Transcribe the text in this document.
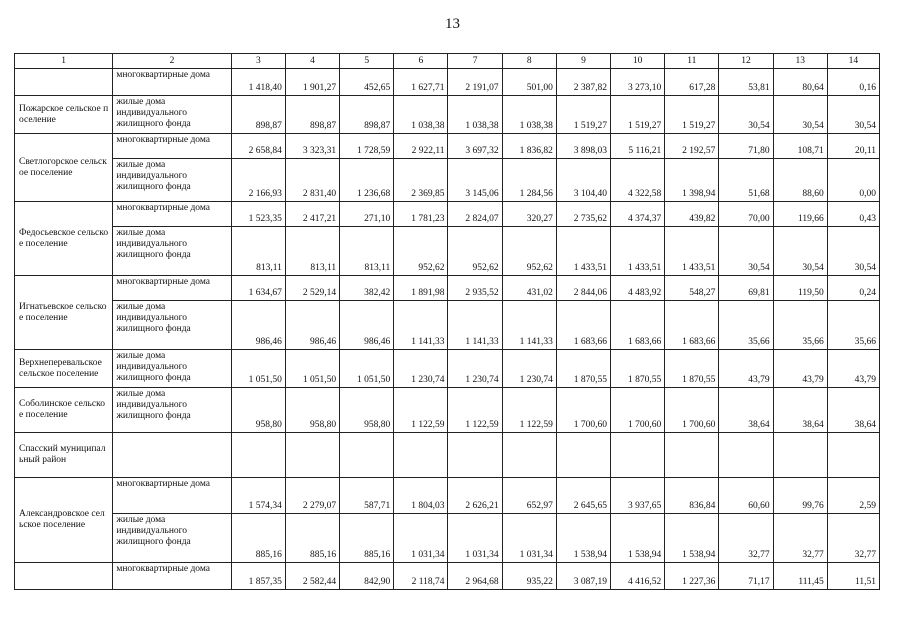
13
1	2	3	4	5	6	7	8	9	10	11	12	13	14
	многоквартирные дома	1 418,40	1 901,27	452,65	1 627,71	2 191,07	501,00	2 387,82	3 273,10	617,28	53,81	80,64	0,16
Пожарское сельское поселение	жилые дома индивидуального жилищного фонда	898,87	898,87	898,87	1 038,38	1 038,38	1 038,38	1 519,27	1 519,27	1 519,27	30,54	30,54	30,54
Светлогорское сельское поселение	многоквартирные дома	2 658,84	3 323,31	1 728,59	2 922,11	3 697,32	1 836,82	3 898,03	5 116,21	2 192,57	71,80	108,71	20,11
	жилые дома индивидуального жилищного фонда	2 166,93	2 831,40	1 236,68	2 369,85	3 145,06	1 284,56	3 104,40	4 322,58	1 398,94	51,68	88,60	0,00
Федосьевское сельское поселение	многоквартирные дома	1 523,35	2 417,21	271,10	1 781,23	2 824,07	320,27	2 735,62	4 374,37	439,82	70,00	119,66	0,43
	жилые дома индивидуального жилищного фонда	813,11	813,11	813,11	952,62	952,62	952,62	1 433,51	1 433,51	1 433,51	30,54	30,54	30,54
Игнатьевское сельское поселение	многоквартирные дома	1 634,67	2 529,14	382,42	1 891,98	2 935,52	431,02	2 844,06	4 483,92	548,27	69,81	119,50	0,24
	жилые дома индивидуального жилищного фонда	986,46	986,46	986,46	1 141,33	1 141,33	1 141,33	1 683,66	1 683,66	1 683,66	35,66	35,66	35,66
Верхнеперевальское сельское поселение	жилые дома индивидуального жилищного фонда	1 051,50	1 051,50	1 051,50	1 230,74	1 230,74	1 230,74	1 870,55	1 870,55	1 870,55	43,79	43,79	43,79
Соболинское сельское поселение	жилые дома индивидуального жилищного фонда	958,80	958,80	958,80	1 122,59	1 122,59	1 122,59	1 700,60	1 700,60	1 700,60	38,64	38,64	38,64
Спасский муниципальный район													
Александровское сельское поселение	многоквартирные дома	1 574,34	2 279,07	587,71	1 804,03	2 626,21	652,97	2 645,65	3 937,65	836,84	60,60	99,76	2,59
	жилые дома индивидуального жилищного фонда	885,16	885,16	885,16	1 031,34	1 031,34	1 031,34	1 538,94	1 538,94	1 538,94	32,77	32,77	32,77
	многоквартирные дома	1 857,35	2 582,44	842,90	2 118,74	2 964,68	935,22	3 087,19	4 416,52	1 227,36	71,17	111,45	11,51
